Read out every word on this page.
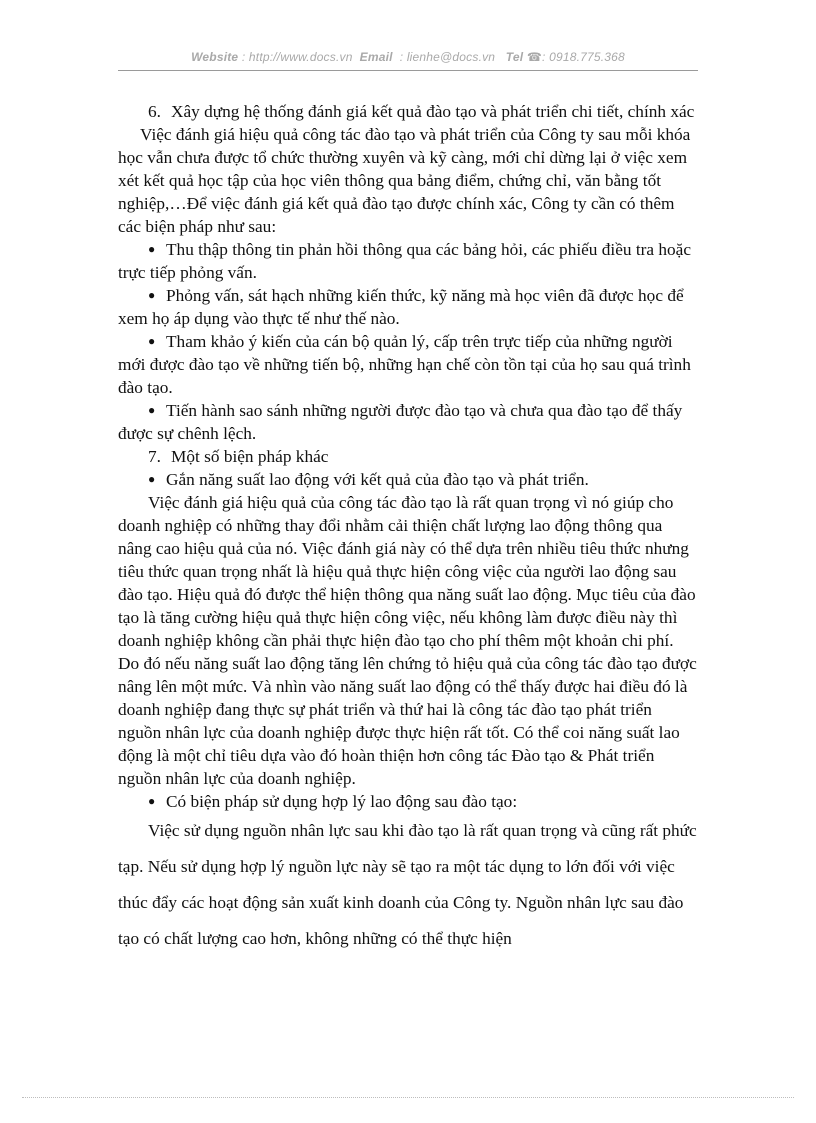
Website : http://www.docs.vn Email : lienhe@docs.vn Tel ☎: 0918.775.368

6. Xây dựng hệ thống đánh giá kết quả đào tạo và phát triển chi tiết, chính xác

Việc đánh giá hiệu quả công tác đào tạo và phát triển của Công ty sau mỗi khóa học vẫn chưa được tổ chức thường xuyên và kỹ càng, mới chỉ dừng lại ở việc xem xét kết quả học tập của học viên thông qua bảng điểm, chứng chỉ, văn bằng tốt nghiệp,…Để việc đánh giá kết quả đào tạo được chính xác, Công ty cần có thêm các biện pháp như sau:

● Thu thập thông tin phản hồi thông qua các bảng hỏi, các phiếu điều tra hoặc trực tiếp phỏng vấn.

● Phỏng vấn, sát hạch những kiến thức, kỹ năng mà học viên đã được học để xem họ áp dụng vào thực tế như thế nào.

● Tham khảo ý kiến của cán bộ quản lý, cấp trên trực tiếp của những người mới được đào tạo về những tiến bộ, những hạn chế còn tồn tại của họ sau quá trình đào tạo.

● Tiến hành sao sánh những người được đào tạo và chưa qua đào tạo để thấy được sự chênh lệch.

7. Một số biện pháp khác

● Gắn năng suất lao động với kết quả của đào tạo và phát triển.

Việc đánh giá hiệu quả của công tác đào tạo là rất quan trọng vì nó giúp cho doanh nghiệp có những thay đổi nhằm cải thiện chất lượng lao động thông qua nâng cao hiệu quả của nó. Việc đánh giá này có thể dựa trên nhiều tiêu thức nhưng tiêu thức quan trọng nhất là hiệu quả thực hiện công việc của người lao động sau đào tạo. Hiệu quả đó được thể hiện thông qua năng suất lao động. Mục tiêu của đào tạo là tăng cường hiệu quả thực hiện công việc, nếu không làm được điều này thì doanh nghiệp không cần phải thực hiện đào tạo cho phí thêm một khoản chi phí. Do đó nếu năng suất lao động tăng lên chứng tỏ hiệu quả của công tác đào tạo được nâng lên một mức. Và nhìn vào năng suất lao động có thể thấy được hai điều đó là doanh nghiệp đang thực sự phát triển và thứ hai là công tác đào tạo phát triển nguồn nhân lực của doanh nghiệp được thực hiện rất tốt. Có thể coi năng suất lao động là một chỉ tiêu dựa vào đó hoàn thiện hơn công tác Đào tạo & Phát triển nguồn nhân lực của doanh nghiệp.

● Có biện pháp sử dụng hợp lý lao động sau đào tạo:

Việc sử dụng nguồn nhân lực sau khi đào tạo là rất quan trọng và cũng rất phức tạp. Nếu sử dụng hợp lý nguồn lực này sẽ tạo ra một tác dụng to lớn đối với việc thúc đẩy các hoạt động sản xuất kinh doanh của Công ty. Nguồn nhân lực sau đào tạo có chất lượng cao hơn, không những có thể thực hiện
